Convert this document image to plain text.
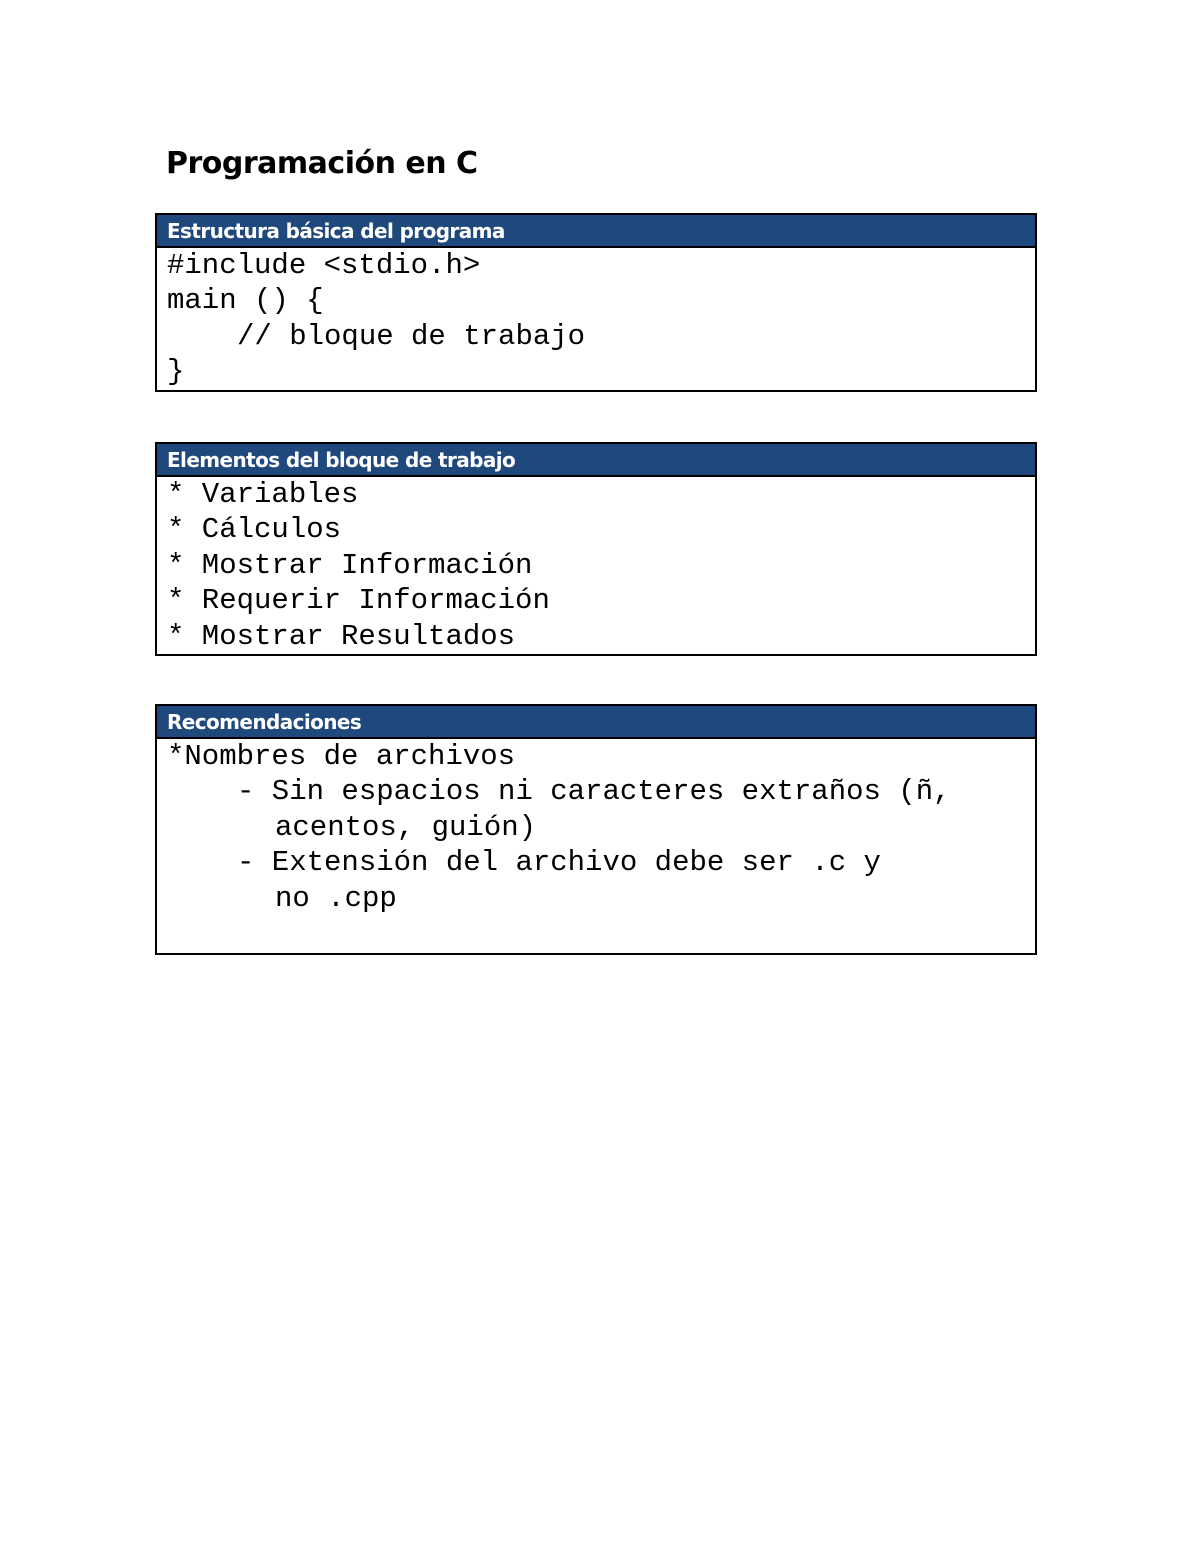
Programación en C
Estructura básica del programa
#include <stdio.h>
main () {
// bloque de trabajo
}
Elementos del bloque de trabajo
* Variables
* Cálculos
* Mostrar Información
* Requerir Información
* Mostrar Resultados
Recomendaciones
*Nombres de archivos
- Sin espacios ni caracteres extraños (ñ,
acentos, guión)
- Extensión del archivo debe ser .c y
no .cpp
